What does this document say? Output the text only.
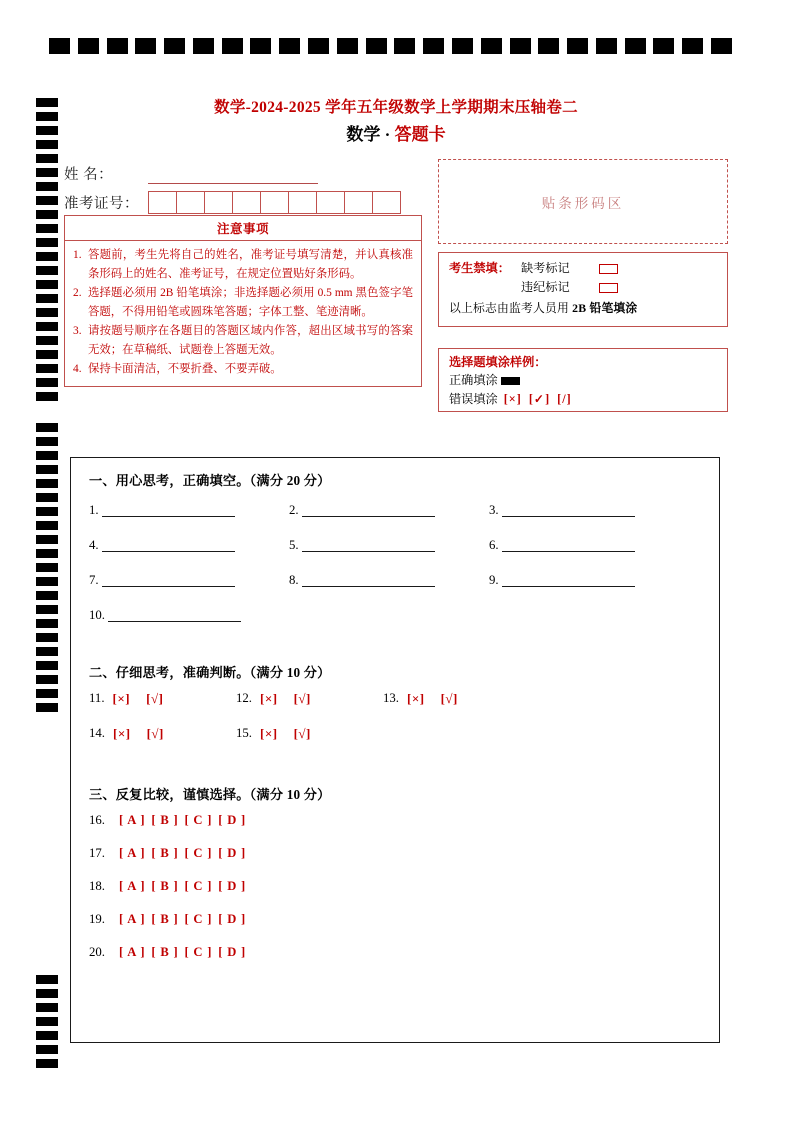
数学-2024-2025 学年五年级数学上学期期末压轴卷二
数学 · 答题卡
姓 名：
准考证号：
注意事项
1. 答题前，考生先将自己的姓名，准考证号填写清楚，并认真核准条形码上的姓名、准考证号，在规定位置贴好条形码。
2. 选择题必须用 2B 铅笔填涂；非选择题必须用 0.5 mm 黑色签字笔答题，不得用铅笔或圆珠笔答题；字体工整、笔迹清晰。
3. 请按题号顺序在各题目的答题区域内作答，超出区域书写的答案无效；在草稿纸、试题卷上答题无效。
4. 保持卡面清洁，不要折叠、不要弄破。
贴条形码区
考生禁填： 缺考标记
违纪标记
以上标志由监考人员用 2B 铅笔填涂
选择题填涂样例：
正确填涂
错误填涂 [×] [✓] [/]
一、用心思考，正确填空。（满分 20 分）
1.	2.	3.
4.	5.	6.
7.	8.	9.
10.
二、仔细思考，准确判断。（满分 10 分）
11. [×] [√]	12. [×] [√]	13. [×] [√]
14. [×] [√]	15. [×] [√]
三、反复比较，谨慎选择。（满分 10 分）
16.	[ A ] [ B ] [ C ] [ D ]
17.	[ A ] [ B ] [ C ] [ D ]
18.	[ A ] [ B ] [ C ] [ D ]
19.	[ A ] [ B ] [ C ] [ D ]
20.	[ A ] [ B ] [ C ] [ D ]
